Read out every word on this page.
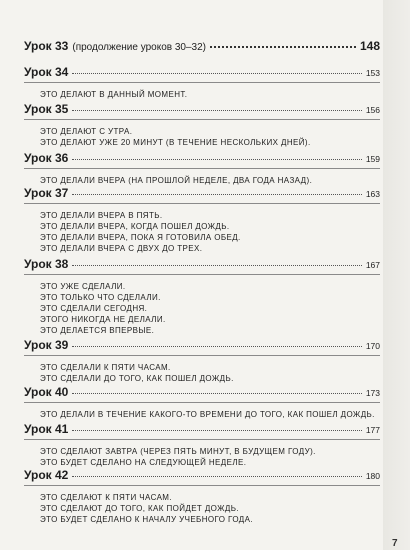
Урок 33 (продолжение уроков 30–32)	148
Урок 34	153
ЭТО ДЕЛАЮТ В ДАННЫЙ МОМЕНТ.
Урок 35	156
ЭТО ДЕЛАЮТ С УТРА.
ЭТО ДЕЛАЮТ УЖЕ 20 МИНУТ (В ТЕЧЕНИЕ НЕСКОЛЬКИХ ДНЕЙ).
Урок 36	159
ЭТО ДЕЛАЛИ ВЧЕРА (НА ПРОШЛОЙ НЕДЕЛЕ, ДВА ГОДА НАЗАД).
Урок 37	163
ЭТО ДЕЛАЛИ ВЧЕРА В ПЯТЬ.
ЭТО ДЕЛАЛИ ВЧЕРА, КОГДА ПОШЕЛ ДОЖДЬ.
ЭТО ДЕЛАЛИ ВЧЕРА, ПОКА Я ГОТОВИЛА ОБЕД.
ЭТО ДЕЛАЛИ ВЧЕРА С ДВУХ ДО ТРЕХ.
Урок 38	167
ЭТО УЖЕ СДЕЛАЛИ.
ЭТО ТОЛЬКО ЧТО СДЕЛАЛИ.
ЭТО СДЕЛАЛИ СЕГОДНЯ.
ЭТОГО НИКОГДА НЕ ДЕЛАЛИ.
ЭТО ДЕЛАЕТСЯ ВПЕРВЫЕ.
Урок 39	170
ЭТО СДЕЛАЛИ К ПЯТИ ЧАСАМ.
ЭТО СДЕЛАЛИ ДО ТОГО, КАК ПОШЕЛ ДОЖДЬ.
Урок 40	173
ЭТО ДЕЛАЛИ В ТЕЧЕНИЕ КАКОГО-ТО ВРЕМЕНИ ДО ТОГО, КАК ПОШЕЛ ДОЖДЬ.
Урок 41	177
ЭТО СДЕЛАЮТ ЗАВТРА (ЧЕРЕЗ ПЯТЬ МИНУТ, В БУДУЩЕМ ГОДУ).
ЭТО БУДЕТ СДЕЛАНО НА СЛЕДУЮЩЕЙ НЕДЕЛЕ.
Урок 42	180
ЭТО СДЕЛАЮТ К ПЯТИ ЧАСАМ.
ЭТО СДЕЛАЮТ ДО ТОГО, КАК ПОЙДЕТ ДОЖДЬ.
ЭТО БУДЕТ СДЕЛАНО К НАЧАЛУ УЧЕБНОГО ГОДА.
7
